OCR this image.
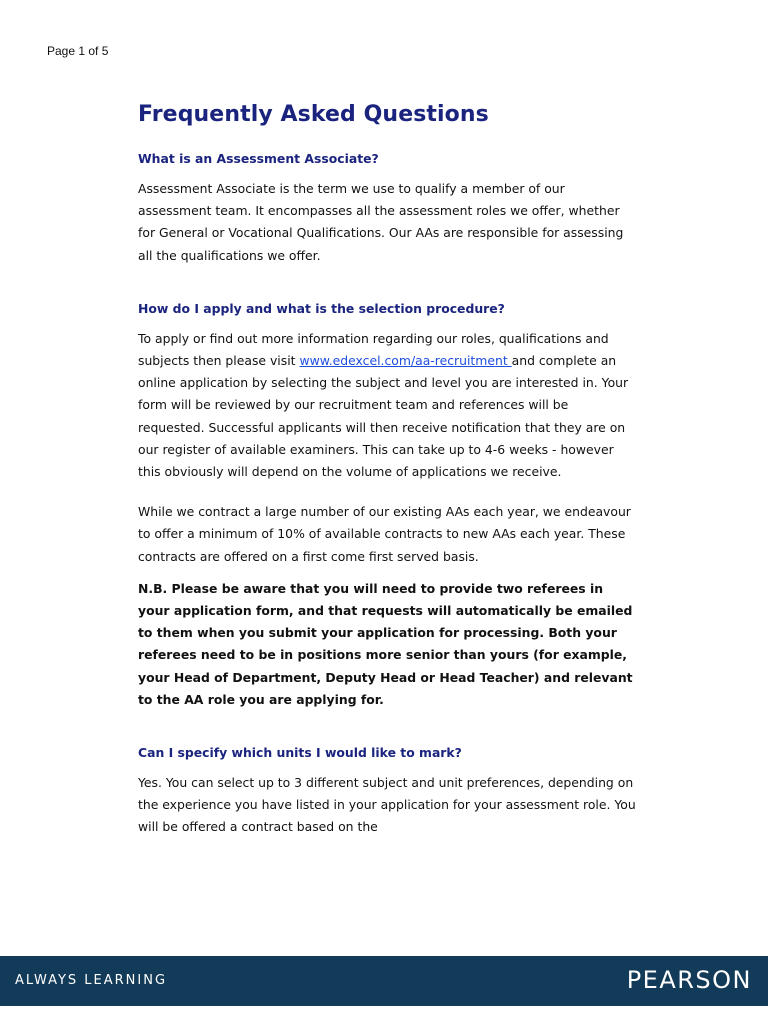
Page 1 of 5
Frequently Asked Questions
What is an Assessment Associate?

Assessment Associate is the term we use to qualify a member of our assessment team. It encompasses all the assessment roles we offer, whether for General or Vocational Qualifications. Our AAs are responsible for assessing all the qualifications we offer.

How do I apply and what is the selection procedure?

To apply or find out more information regarding our roles, qualifications and subjects then please visit www.edexcel.com/aa-recruitment and complete an online application by selecting the subject and level you are interested in. Your form will be reviewed by our recruitment team and references will be requested. Successful applicants will then receive notification that they are on our register of available examiners. This can take up to 4-6 weeks - however this obviously will depend on the volume of applications we receive.

While we contract a large number of our existing AAs each year, we endeavour to offer a minimum of 10% of available contracts to new AAs each year. These contracts are offered on a first come first served basis.

N.B. Please be aware that you will need to provide two referees in your application form, and that requests will automatically be emailed to them when you submit your application for processing. Both your referees need to be in positions more senior than yours (for example, your Head of Department, Deputy Head or Head Teacher) and relevant to the AA role you are applying for.

Can I specify which units I would like to mark?

Yes. You can select up to 3 different subject and unit preferences, depending on the experience you have listed in your application for your assessment role. You will be offered a contract based on the

ALWAYS LEARNING	PEARSON
